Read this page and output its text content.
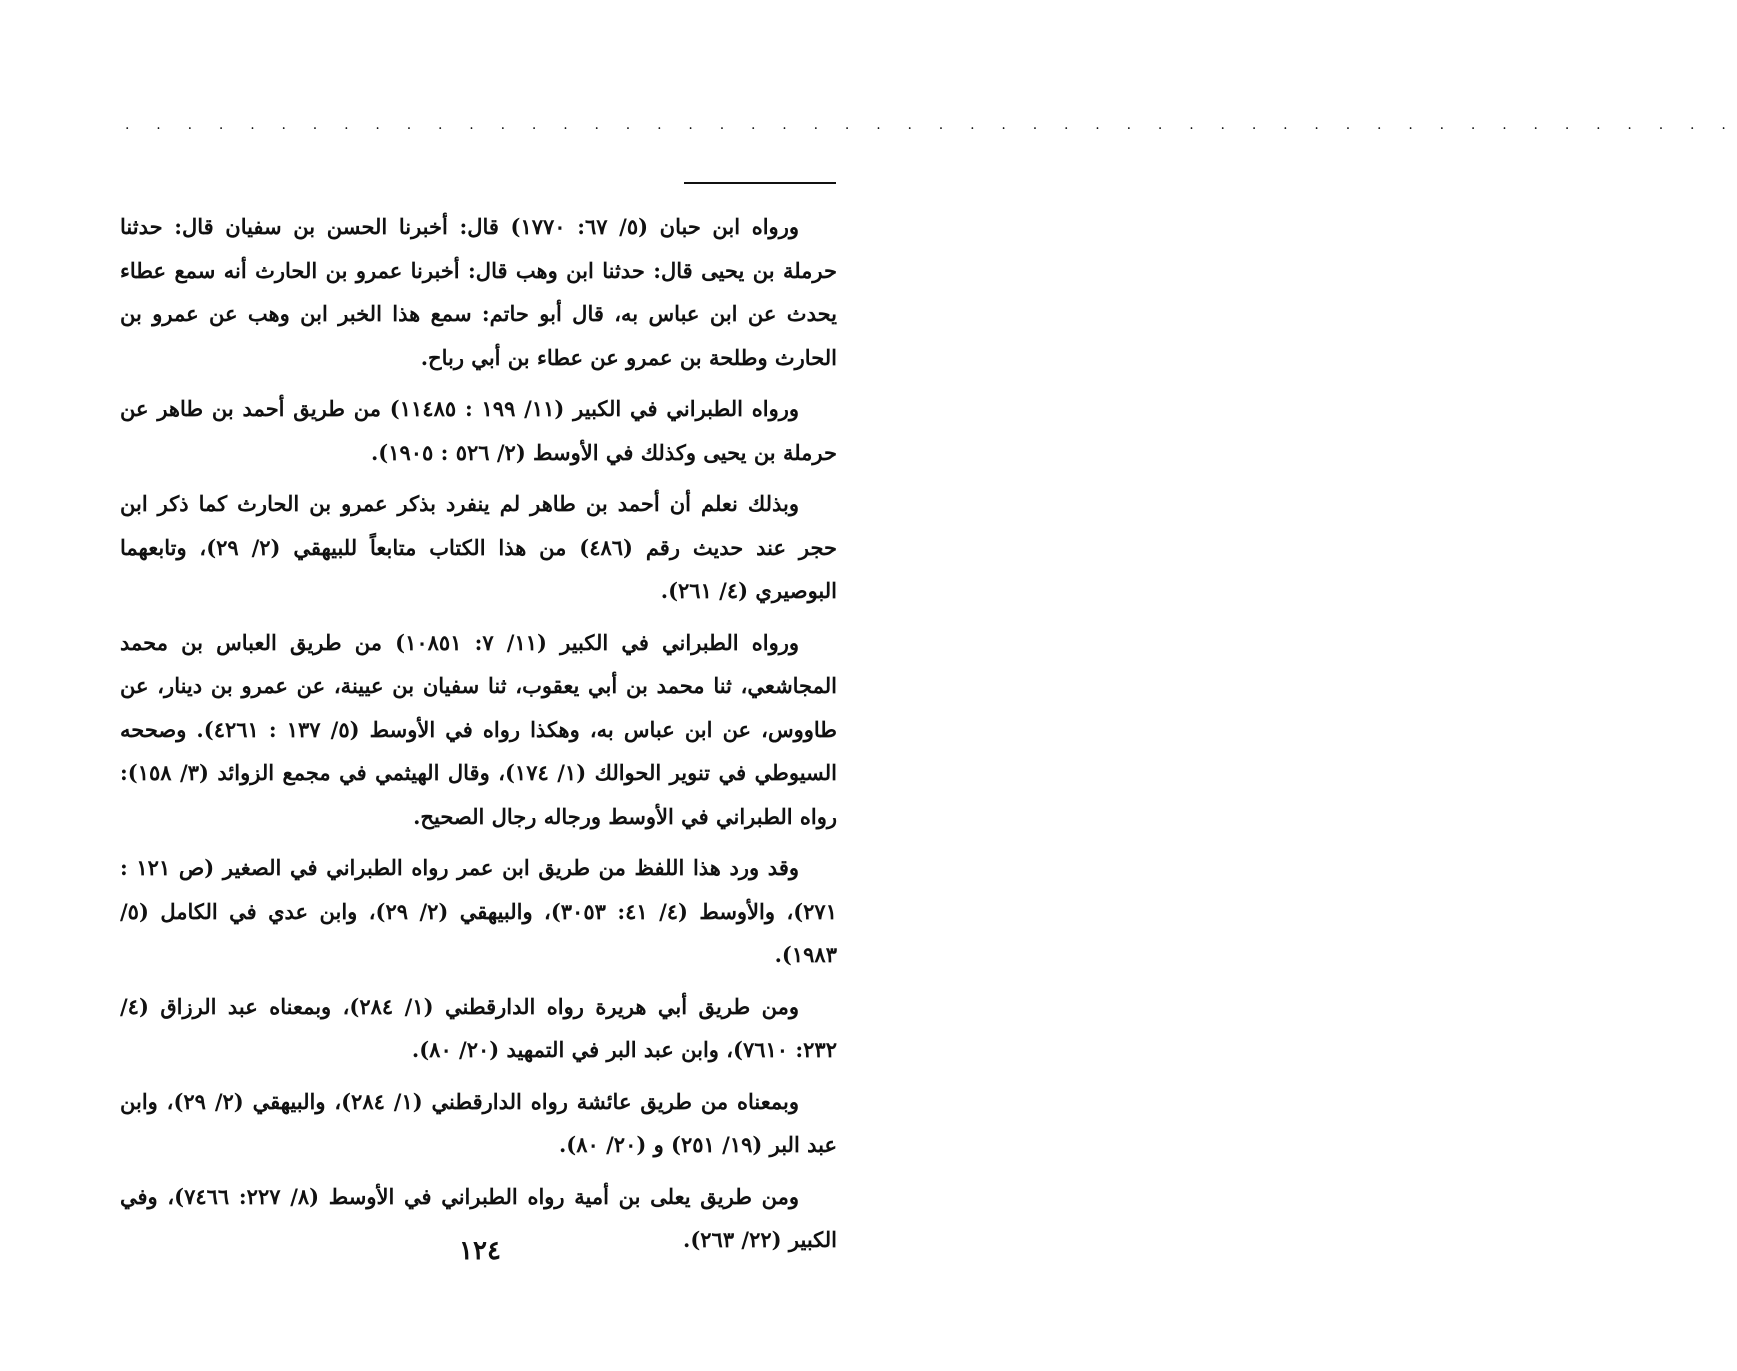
. . . . . . . . . . . . . . . . . . . . . . . . . . . . . . . . . . . . . . . . . . . . . . . . . . . .

ورواه ابن حبان (٥/ ٦٧: ١٧٧٠) قال: أخبرنا الحسن بن سفيان قال: حدثنا حرملة بن يحيى قال: حدثنا ابن وهب قال: أخبرنا عمرو بن الحارث أنه سمع عطاء يحدث عن ابن عباس به، قال أبو حاتم: سمع هذا الخبر ابن وهب عن عمرو بن الحارث وطلحة بن عمرو عن عطاء بن أبي رباح.

ورواه الطبراني في الكبير (١١/ ١٩٩ : ١١٤٨٥) من طريق أحمد بن طاهر عن حرملة بن يحيى وكذلك في الأوسط (٢/ ٥٢٦ : ١٩٠٥).

وبذلك نعلم أن أحمد بن طاهر لم ينفرد بذكر عمرو بن الحارث كما ذكر ابن حجر عند حديث رقم (٤٨٦) من هذا الكتاب متابعاً للبيهقي (٢/ ٢٩)، وتابعهما البوصيري (٤/ ٢٦١).

ورواه الطبراني في الكبير (١١/ ٧: ١٠٨٥١) من طريق العباس بن محمد المجاشعي، ثنا محمد بن أبي يعقوب، ثنا سفيان بن عيينة، عن عمرو بن دينار، عن طاووس، عن ابن عباس به، وهكذا رواه في الأوسط (٥/ ١٣٧ : ٤٢٦١). وصححه السيوطي في تنوير الحوالك (١/ ١٧٤)، وقال الهيثمي في مجمع الزوائد (٣/ ١٥٨): رواه الطبراني في الأوسط ورجاله رجال الصحيح.

وقد ورد هذا اللفظ من طريق ابن عمر رواه الطبراني في الصغير (ص ١٢١ : ٢٧١)، والأوسط (٤/ ٤١: ٣٠٥٣)، والبيهقي (٢/ ٢٩)، وابن عدي في الكامل (٥/ ١٩٨٣).

ومن طريق أبي هريرة رواه الدارقطني (١/ ٢٨٤)، وبمعناه عبد الرزاق (٤/ ٢٣٢: ٧٦١٠)، وابن عبد البر في التمهيد (٢٠/ ٨٠).

وبمعناه من طريق عائشة رواه الدارقطني (١/ ٢٨٤)، والبيهقي (٢/ ٢٩)، وابن عبد البر (١٩/ ٢٥١) و (٢٠/ ٨٠).

ومن طريق يعلى بن أمية رواه الطبراني في الأوسط (٨/ ٢٢٧: ٧٤٦٦)، وفي الكبير (٢٢/ ٢٦٣).

١٢٤
